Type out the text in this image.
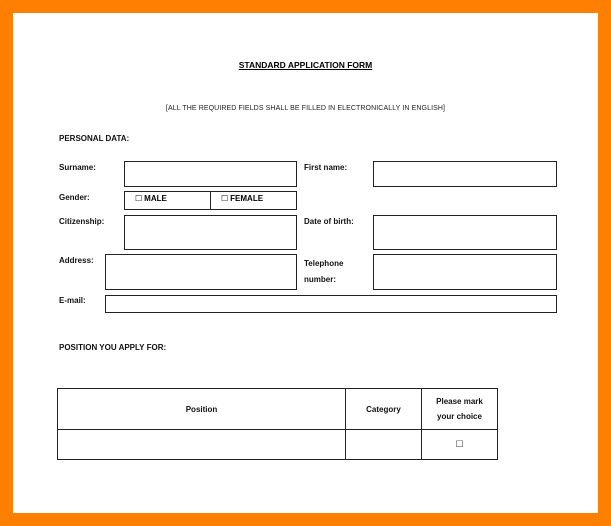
STANDARD APPLICATION FORM
[ALL THE REQUIRED FIELDS SHALL BE FILLED IN ELECTRONICALLY IN ENGLISH]
PERSONAL DATA:
Surname:	First name:
Gender:	☐ MALE	☐ FEMALE
Citizenship:	Date of birth:
Address:	Telephone
number:
E-mail:
POSITION YOU APPLY FOR:
Position	Category	Please mark
your choice

		☐
